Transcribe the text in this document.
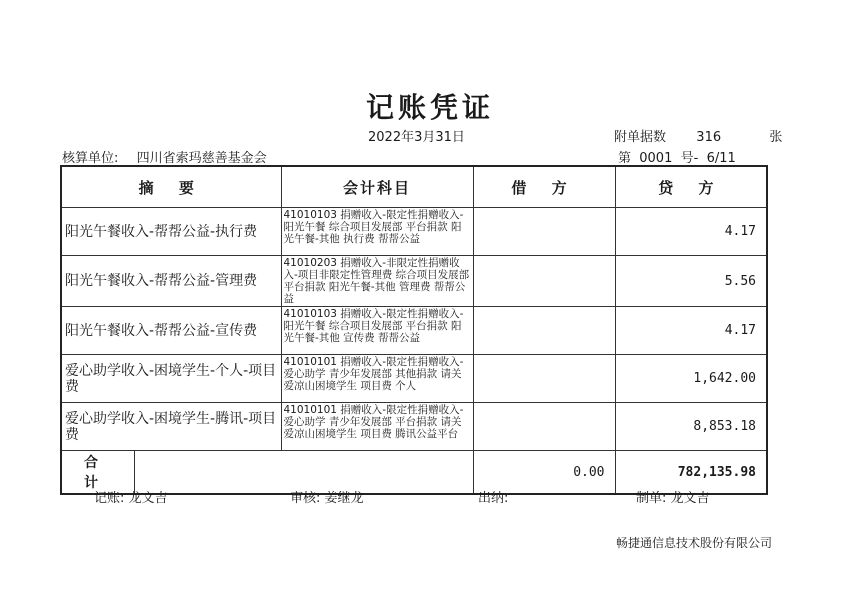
记账凭证
2022年3月31日	附单据数 316	张
核算单位: 四川省索玛慈善基金会	第  0001  号-  6/11
摘 要	会计科目	借 方	贷 方
阳光午餐收入-帮帮公益-执行费	41010103 捐赠收入-限定性捐赠收入-阳光午餐 综合项目发展部 平台捐款 阳光午餐-其他 执行费 帮帮公益		4.17
阳光午餐收入-帮帮公益-管理费	41010203 捐赠收入-非限定性捐赠收入-项目非限定性管理费 综合项目发展部 平台捐款 阳光午餐-其他 管理费 帮帮公益		5.56
阳光午餐收入-帮帮公益-宣传费	41010103 捐赠收入-限定性捐赠收入-阳光午餐 综合项目发展部 平台捐款 阳光午餐-其他 宣传费 帮帮公益		4.17
爱心助学收入-困境学生-个人-项目费	41010101 捐赠收入-限定性捐赠收入-爱心助学 青少年发展部 其他捐款 请关爱凉山困境学生 项目费 个人		1,642.00
爱心助学收入-困境学生-腾讯-项目费	41010101 捐赠收入-限定性捐赠收入-爱心助学 青少年发展部 平台捐款 请关爱凉山困境学生 项目费 腾讯公益平台		8,853.18

合 计		0.00	782,135.98
记账: 龙文吉	审核: 姜继龙	出纳:	制单: 龙文吉
畅捷通信息技术股份有限公司
